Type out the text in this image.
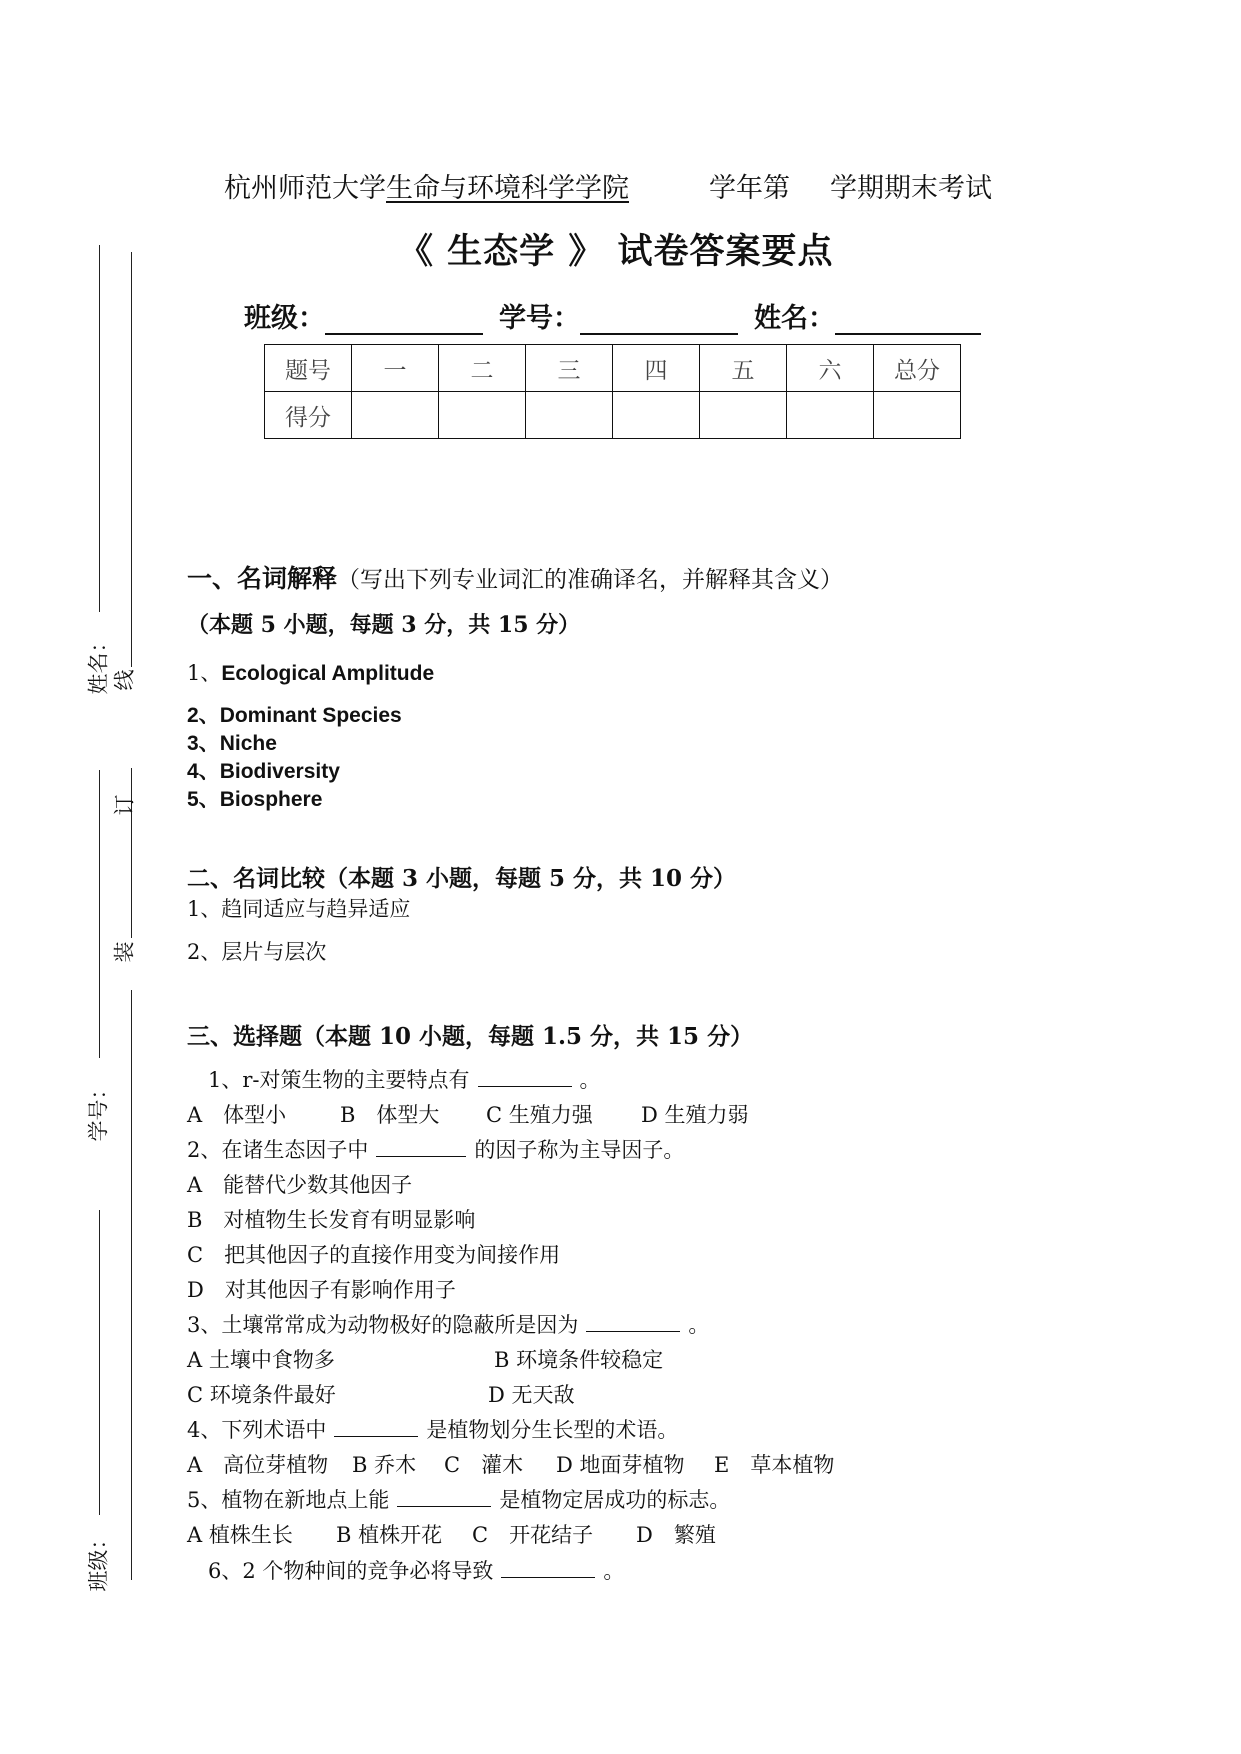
姓名： 线
订
装
学号：
班级：
杭州师范大学生命与环境科学学院	学年第 学期期末考试
《 生态学 》 试卷答案要点
班级：	学号：	姓名：
题号	一	二	三	四	五	六	总分
得分							
一、名词解释（写出下列专业词汇的准确译名，并解释其含义）
（本题 5 小题，每题 3 分，共 15 分）
1、Ecological Amplitude
2、Dominant Species
3、Niche
4、Biodiversity
5、Biosphere
二、名词比较（本题 3 小题，每题 5 分，共 10 分）
1、趋同适应与趋异适应
2、层片与层次
三、选择题（本题 10 小题，每题 1.5 分，共 15 分）
1、r-对策生物的主要特点有	。
A　体型小	B　体型大 C 生殖力强 D 生殖力弱
2、在诸生态因子中	的因子称为主导因子。
A　能替代少数其他因子
B　对植物生长发育有明显影响
C　把其他因子的直接作用变为间接作用
D　对其他因子有影响作用子
3、土壤常常成为动物极好的隐蔽所是因为	。
A 土壤中食物多	B 环境条件较稳定
C 环境条件最好	D 无天敌
4、下列术语中	是植物划分生长型的术语。
A　高位芽植物 B 乔木 C　灌木 D 地面芽植物 E　草本植物
5、植物在新地点上能	是植物定居成功的标志。
A 植株生长 B 植株开花 C　开花结子 D　繁殖
6、2 个物种间的竞争必将导致	。
